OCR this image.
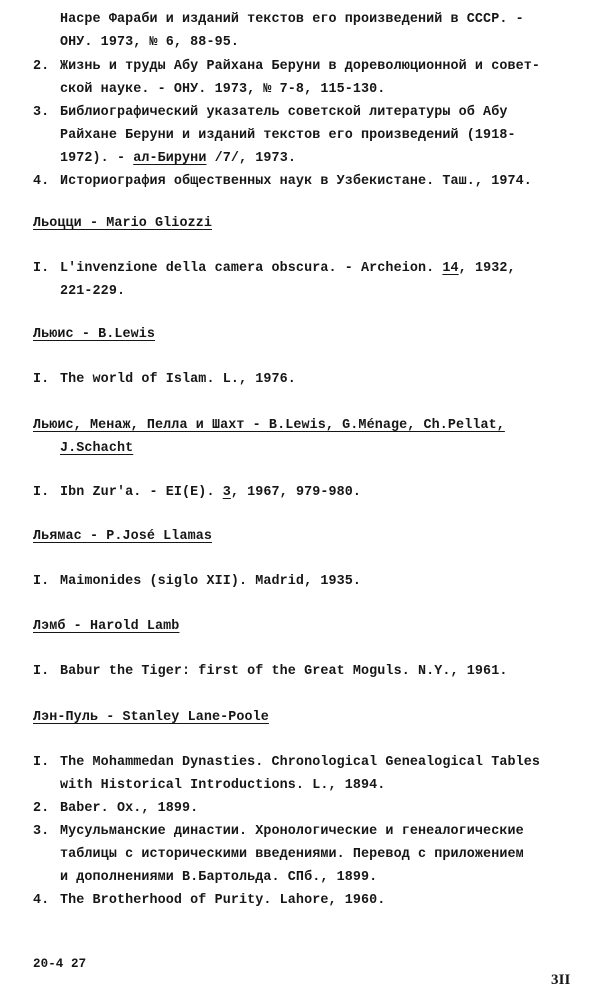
Насре Фараби и изданий текстов его произведений в СССР. -
ОНУ. 1973, № 6, 88-95.
2. Жизнь и труды Абу Райхана Беруни в дореволюционной и совет-
ской науке. - ОНУ. 1973, № 7-8, 115-130.
3. Библиографический указатель советской литературы об Абу
Райхане Беруни и изданий текстов его произведений (1918-
1972). - ал-Бируни /7/, 1973.
4. Историография общественных наук в Узбекистане. Таш., 1974.
Льоцци - Mario Gliozzi
I. L'invenzione della camera obscura. - Archeion. 14, 1932,
221-229.
Льюис - B.Lewis
I. The world of Islam. L., 1976.
Льюис, Менаж, Пелла и Шахт - B.Lewis, G.Ménage, Ch.Pellat,
J.Schacht
I. Ibn Zur'a. - EI(E). 3, 1967, 979-980.
Льямас - P.José Llamas
I. Maimonides (siglo XII). Madrid, 1935.
Лэмб - Harold Lamb
I. Babur the Tiger: first of the Great Moguls. N.Y., 1961.
Лэн-Пуль - Stanley Lane-Poole
I. The Mohammedan Dynasties. Chronological Genealogical Tables
with Historical Introductions. L., 1894.
2. Baber. Ox., 1899.
3. Мусульманские династии. Хронологические и генеалогические
таблицы с историческими введениями. Перевод с приложением
и дополнениями В.Бартольда. СПб., 1899.
4. The Brotherhood of Purity. Lahore, 1960.
20-4 27
3II
